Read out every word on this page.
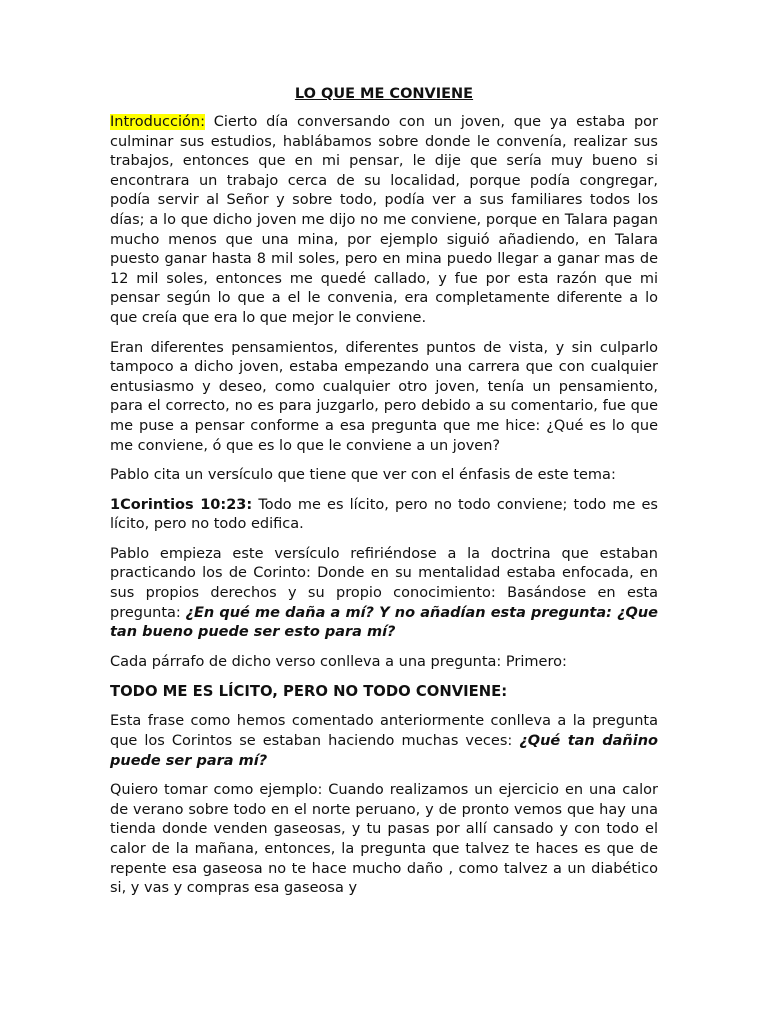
LO QUE ME CONVIENE

Introducción: Cierto día conversando con un joven, que ya estaba por culminar sus estudios, hablábamos sobre donde le convenía, realizar sus trabajos, entonces que en mi pensar, le dije que sería muy bueno si encontrara un trabajo cerca de su localidad, porque podía congregar, podía servir al Señor y sobre todo, podía ver a sus familiares todos los días; a lo que dicho joven me dijo no me conviene, porque en Talara pagan mucho menos que una mina, por ejemplo siguió añadiendo, en Talara puesto ganar hasta 8 mil soles, pero en mina puedo llegar a ganar mas de 12 mil soles, entonces me quedé callado, y fue por esta razón que mi pensar según lo que a el le convenia, era completamente diferente a lo que creía que era lo que mejor le conviene.

Eran diferentes pensamientos, diferentes puntos de vista, y sin culparlo tampoco a dicho joven, estaba empezando una carrera que con cualquier entusiasmo y deseo, como cualquier otro joven, tenía un pensamiento, para el correcto, no es para juzgarlo, pero debido a su comentario, fue que me puse a pensar conforme a esa pregunta que me hice: ¿Qué es lo que me conviene, ó que es lo que le conviene a un joven?

Pablo cita un versículo que tiene que ver con el énfasis de este tema:

1Corintios 10:23: Todo me es lícito, pero no todo conviene; todo me es lícito, pero no todo edifica.

Pablo empieza este versículo refiriéndose a la doctrina que estaban practicando los de Corinto: Donde en su mentalidad estaba enfocada, en sus propios derechos y su propio conocimiento: Basándose en esta pregunta: ¿En qué me daña a mí? Y no añadían esta pregunta: ¿Que tan bueno puede ser esto para mí?

Cada párrafo de dicho verso conlleva a una pregunta: Primero:

TODO ME ES LÍCITO, PERO NO TODO CONVIENE:

Esta frase como hemos comentado anteriormente conlleva a la pregunta que los Corintos se estaban haciendo muchas veces: ¿Qué tan dañino puede ser para mí?

Quiero tomar como ejemplo: Cuando realizamos un ejercicio en una calor de verano sobre todo en el norte peruano, y de pronto vemos que hay una tienda donde venden gaseosas, y tu pasas por allí cansado y con todo el calor de la mañana, entonces, la pregunta que talvez te haces es que de repente esa gaseosa no te hace mucho daño , como talvez a un diabético si, y vas y compras esa gaseosa y
